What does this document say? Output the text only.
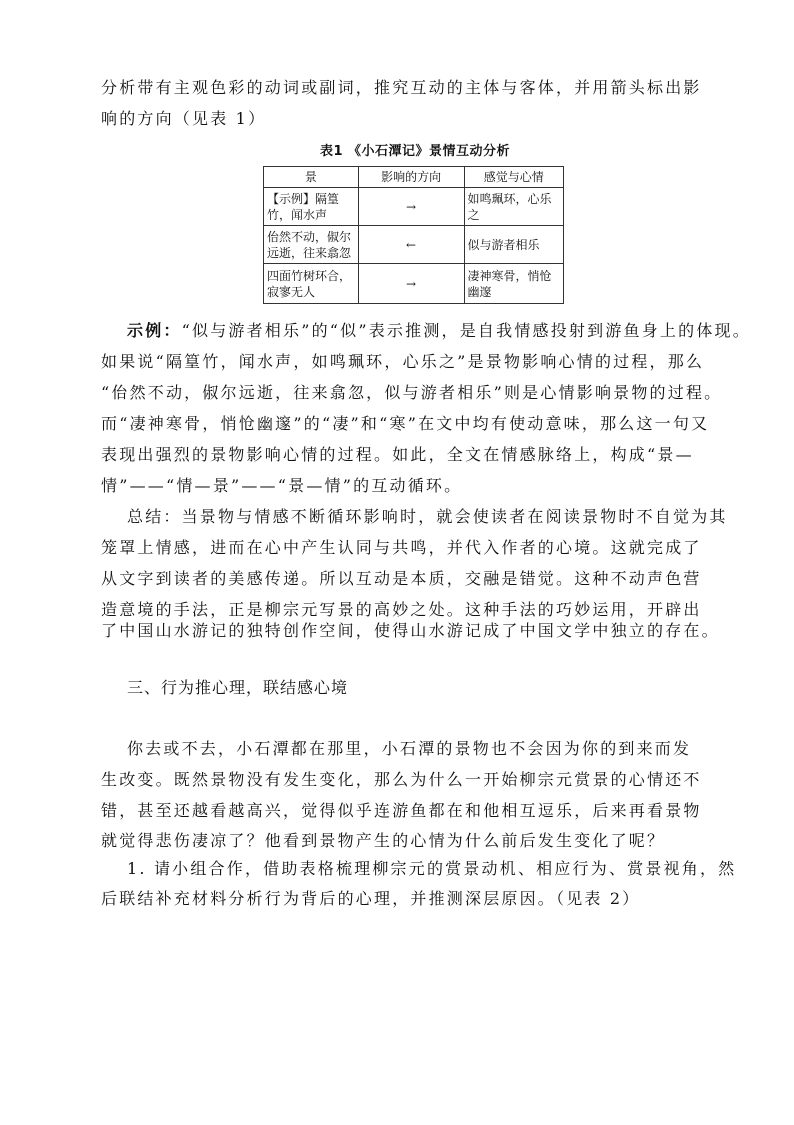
分析带有主观色彩的动词或副词，推究互动的主体与客体，并用箭头标出影
响的方向（见表 1）
表1 《小石潭记》景情互动分析
景	影响的方向	感觉与心情
【示例】隔篁竹，闻水声	→	如鸣珮环，心乐之
佁然不动，俶尔远逝，往来翕忽	←	似与游者相乐
四面竹树环合，寂寥无人	→	凄神寒骨，悄怆幽邃
示例：“似与游者相乐”的“似”表示推测，是自我情感投射到游鱼身上的体现。
如果说“隔篁竹，闻水声，如鸣珮环，心乐之”是景物影响心情的过程，那么
“佁然不动，俶尔远逝，往来翕忽，似与游者相乐”则是心情影响景物的过程。
而“凄神寒骨，悄怆幽邃”的“凄”和“寒”在文中均有使动意味，那么这一句又
表现出强烈的景物影响心情的过程。如此，全文在情感脉络上，构成“景—
情”——“情—景”——“景—情”的互动循环。
总结：当景物与情感不断循环影响时，就会使读者在阅读景物时不自觉为其
笼罩上情感，进而在心中产生认同与共鸣，并代入作者的心境。这就完成了
从文字到读者的美感传递。所以互动是本质，交融是错觉。这种不动声色营
造意境的手法，正是柳宗元写景的高妙之处。这种手法的巧妙运用，开辟出
了中国山水游记的独特创作空间，使得山水游记成了中国文学中独立的存在。
三、行为推心理，联结感心境
你去或不去，小石潭都在那里，小石潭的景物也不会因为你的到来而发
生改变。既然景物没有发生变化，那么为什么一开始柳宗元赏景的心情还不
错，甚至还越看越高兴，觉得似乎连游鱼都在和他相互逗乐，后来再看景物
就觉得悲伤凄凉了？他看到景物产生的心情为什么前后发生变化了呢？
1. 请小组合作，借助表格梳理柳宗元的赏景动机、相应行为、赏景视角，然
后联结补充材料分析行为背后的心理，并推测深层原因。（见表 2）
